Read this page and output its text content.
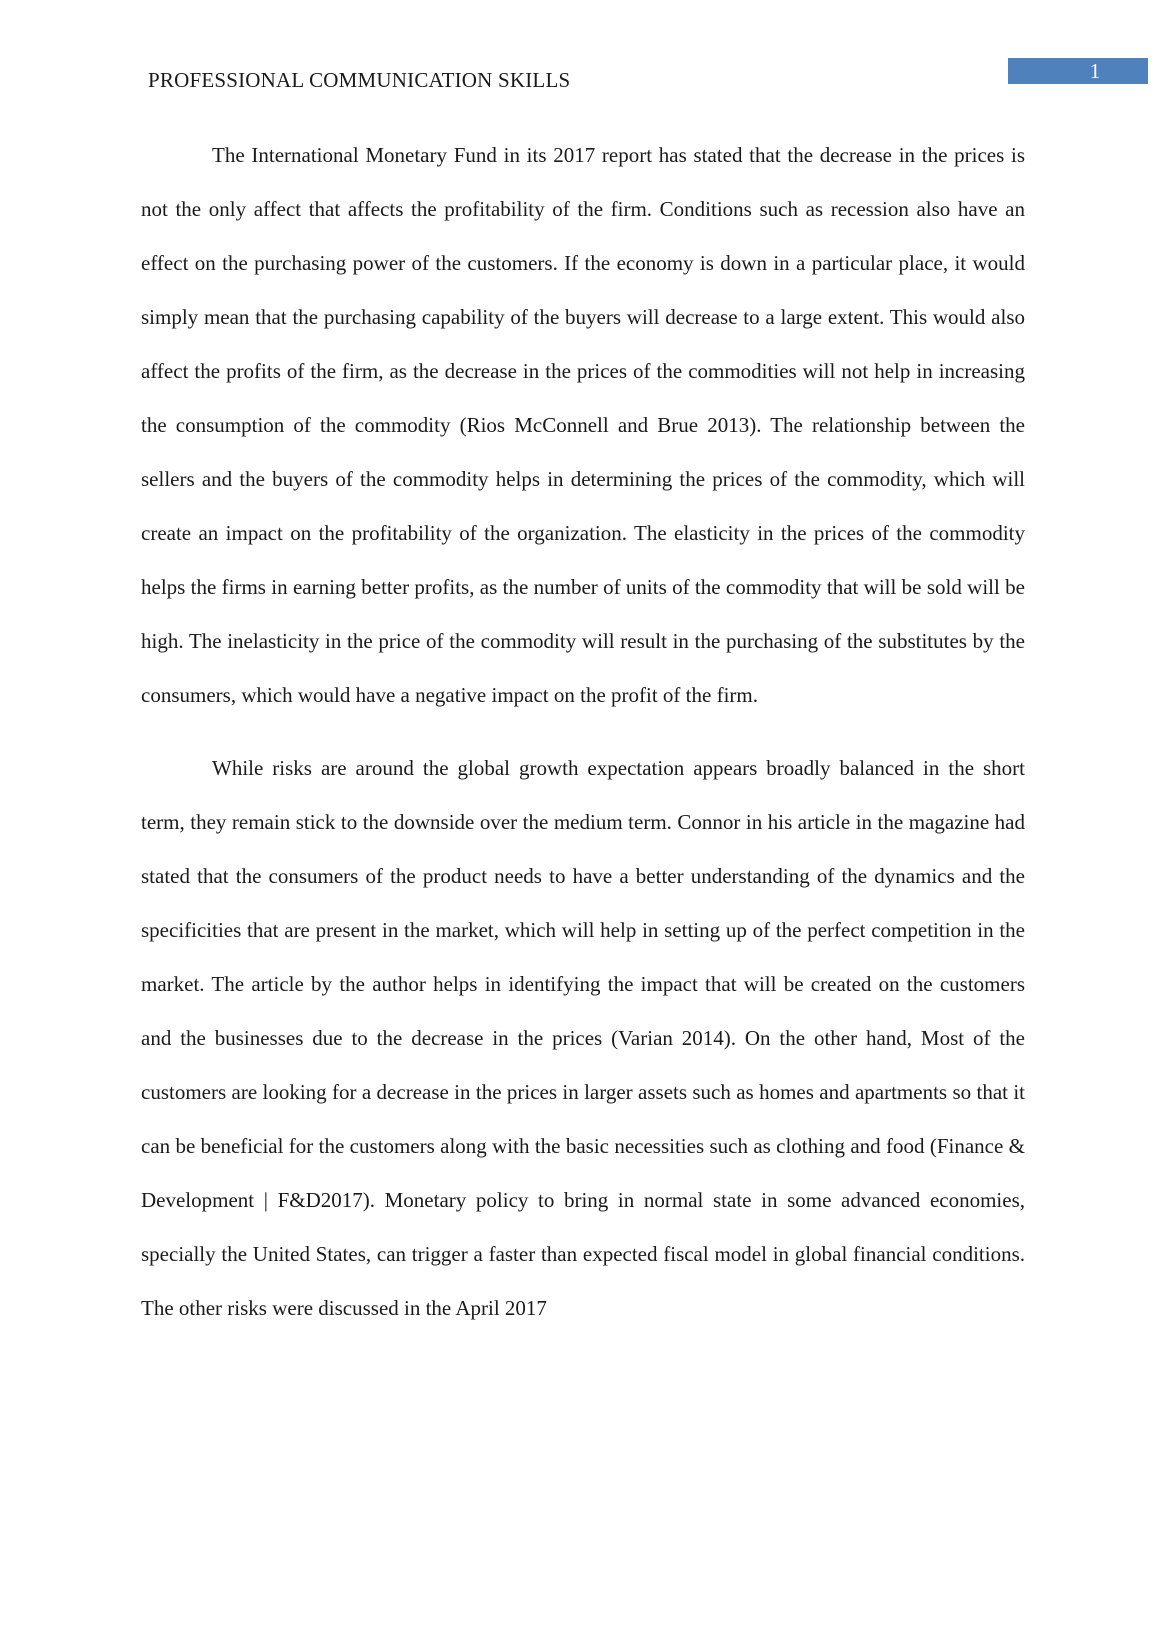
PROFESSIONAL COMMUNICATION SKILLS	1

The International Monetary Fund in its 2017 report has stated that the decrease in the prices is not the only affect that affects the profitability of the firm. Conditions such as recession also have an effect on the purchasing power of the customers. If the economy is down in a particular place, it would simply mean that the purchasing capability of the buyers will decrease to a large extent. This would also affect the profits of the firm, as the decrease in the prices of the commodities will not help in increasing the consumption of the commodity (Rios McConnell and Brue 2013). The relationship between the sellers and the buyers of the commodity helps in determining the prices of the commodity, which will create an impact on the profitability of the organization. The elasticity in the prices of the commodity helps the firms in earning better profits, as the number of units of the commodity that will be sold will be high. The inelasticity in the price of the commodity will result in the purchasing of the substitutes by the consumers, which would have a negative impact on the profit of the firm.

While risks are around the global growth expectation appears broadly balanced in the short term, they remain stick to the downside over the medium term. Connor in his article in the magazine had stated that the consumers of the product needs to have a better understanding of the dynamics and the specificities that are present in the market, which will help in setting up of the perfect competition in the market. The article by the author helps in identifying the impact that will be created on the customers and the businesses due to the decrease in the prices (Varian 2014). On the other hand, Most of the customers are looking for a decrease in the prices in larger assets such as homes and apartments so that it can be beneficial for the customers along with the basic necessities such as clothing and food (Finance & Development | F&D2017). Monetary policy to bring in normal state in some advanced economies, specially the United States, can trigger a faster than expected fiscal model in global financial conditions. The other risks were discussed in the April 2017
